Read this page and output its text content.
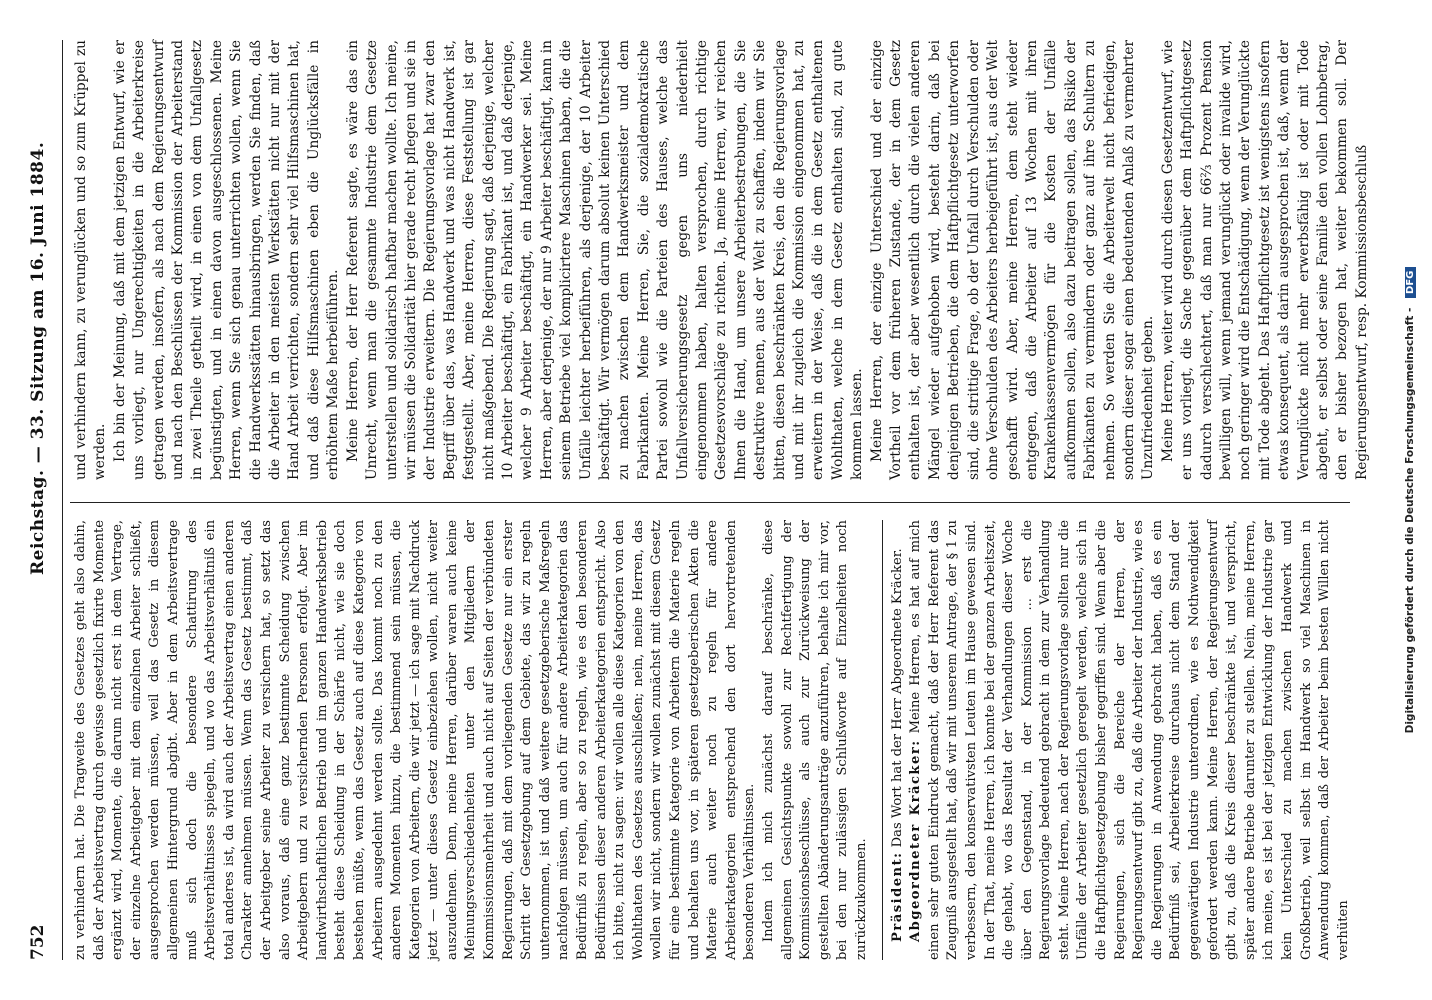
752
Reichstag. — 33. Sitzung am 16. Juni 1884.

zu verhindern hat. Die Tragweite des Gesetzes geht also dahin, daß der Arbeitsvertrag durch gewisse gesetzlich fixirte Momente ergänzt wird, Momente, die darum nicht erst in dem Vertrage, der einzelne Arbeitgeber mit dem einzelnen Arbeiter schließt, ausgesprochen werden müssen, weil das Gesetz in diesem allgemeinen Hintergrund abgibt. Aber in dem Arbeitsvertrage muß sich doch die besondere Schattirung des Arbeitsverhältnisses spiegeln, und wo das Arbeitsverhältniß ein total anderes ist, da wird auch der Arbeitsvertrag einen anderen Charakter annehmen müssen. Wenn das Gesetz bestimmt, daß der Arbeitgeber seine Arbeiter zu versichern hat, so setzt das also voraus, daß eine ganz bestimmte Scheidung zwischen Arbeitgebern und zu versichernden Personen erfolgt. Aber im landwirthschaftlichen Betrieb und im ganzen Handwerksbetrieb besteht diese Scheidung in der Schärfe nicht, wie sie doch bestehen müßte, wenn das Gesetz auch auf diese Kategorie von Arbeitern ausgedehnt werden sollte. Das kommt noch zu den anderen Momenten hinzu, die bestimmend sein müssen, die Kategorien von Arbeitern, die wir jetzt — ich sage mit Nachdruck jetzt — unter dieses Gesetz einbeziehen wollen, nicht weiter auszudehnen. Denn, meine Herren, darüber waren auch keine Meinungsverschiedenheiten unter den Mitgliedern der Kommissionsmehrheit und auch nicht auf Seiten der verbündeten Regierungen, daß mit dem vorliegenden Gesetze nur ein erster Schritt der Gesetzgebung auf dem Gebiete, das wir zu regeln unternommen, ist und daß weitere gesetzgeberische Maßregeln nachfolgen müssen, um auch für andere Arbeiterkategorien das Bedürfniß zu regeln, aber so zu regeln, wie es den besonderen Bedürfnissen dieser anderen Arbeiterkategorien entspricht. Also ich bitte, nicht zu sagen: wir wollen alle diese Kategorien von den Wohlthaten des Gesetzes ausschließen; nein, meine Herren, das wollen wir nicht, sondern wir wollen zunächst mit diesem Gesetz für eine bestimmte Kategorie von Arbeitern die Materie regeln und behalten uns vor, in späteren gesetzgeberischen Akten die Materie auch weiter noch zu regeln für andere Arbeiterkategorien entsprechend den dort hervortretenden besonderen Verhältnissen. Indem ich mich zunächst darauf beschränke, diese allgemeinen Gesichtspunkte sowohl zur Rechtfertigung der Kommissionsbeschlüsse, als auch zur Zurückweisung der gestellten Abänderungsanträge anzuführen, behalte ich mir vor, bei den nur zulässigen Schlußworte auf Einzelheiten noch zurückzukommen. Präsident: Das Wort hat der Herr Abgeordnete Kräcker. Abgeordneter Kräcker: Meine Herren, es hat auf mich einen sehr guten Eindruck gemacht, daß der Herr Referent das Zeugniß ausgestellt hat, daß wir mit unserem Antrage, der § 1 zu verbessern, den konservativsten Leuten im Hause gewesen sind. In der That, meine Herren, ich konnte bei der ganzen Arbeitszeit, die gehabt, wo das Resultat der Verhandlungen dieser Woche über den Gegenstand, in der Kommission ... erst die Regierungsvorlage bedeutend gebracht in dem zur Verhandlung steht. Meine Herren, nach der Regierungsvorlage sollten nur die Unfälle der Arbeiter gesetzlich geregelt werden, welche sich in die Haftpflichtgesetzgebung bisher gegriffen sind. Wenn aber die Regierungen, sich die Bereiche der Herren, der Regierungsentwurf gibt zu, daß die Arbeiter der Industrie, wie es die Regierungen in Anwendung gebracht haben, daß es ein Bedürfniß sei, Arbeiterkreise durchaus nicht dem Stand der gegenwärtigen Industrie unterordnen, wie es Nothwendigkeit gefordert werden kann. Meine Herren, der Regierungsentwurf gibt zu, daß die Kreis dieser beschränkte ist, und verspricht, später andere Betriebe darunter zu stellen. Nein, meine Herren, ich meine, es ist bei der jetzigen Entwicklung der Industrie gar kein Unterschied zu machen zwischen Handwerk und Großbetrieb, weil selbst im Handwerk so viel Maschinen in Anwendung kommen, daß der Arbeiter beim besten Willen nicht verhüten

und verhindern kann, zu verunglücken und so zum Krüppel zu werden. Ich bin der Meinung, daß mit dem jetzigen Entwurf, wie er uns vorliegt, nur Ungerechtigkeiten in die Arbeiterkreise getragen werden, insofern, als nach dem Regierungsentwurf und nach den Beschlüssen der Kommission der Arbeiterstand in zwei Theile getheilt wird, in einen von dem Unfallgesetz begünstigten, und in einen davon ausgeschlossenen. Meine Herren, wenn Sie sich genau unterrichten wollen, wenn Sie die Handwerksstätten hinausbringen, werden Sie finden, daß die Arbeiter in den meisten Werkstätten nicht nur mit der Hand Arbeit verrichten, sondern sehr viel Hilfsmaschinen hat, und daß diese Hilfsmaschinen eben die Unglücksfälle in erhöhtem Maße herbeiführen. Meine Herren, der Herr Referent sagte, es wäre das ein Unrecht, wenn man die gesammte Industrie dem Gesetze unterstellen und solidarisch haftbar machen wollte. Ich meine, wir müssen die Solidarität hier gerade recht pflegen und sie in der Industrie erweitern. Die Regierungsvorlage hat zwar den Begriff über das, was Handwerk und was nicht Handwerk ist, festgestellt. Aber, meine Herren, diese Feststellung ist gar nicht maßgebend. Die Regierung sagt, daß derjenige, welcher 10 Arbeiter beschäftigt, ein Fabrikant ist, und daß derjenige, welcher 9 Arbeiter beschäftigt, ein Handwerker sei. Meine Herren, aber derjenige, der nur 9 Arbeiter beschäftigt, kann in seinem Betriebe viel komplicirtere Maschinen haben, die die Unfälle leichter herbeiführen, als derjenige, der 10 Arbeiter beschäftigt. Wir vermögen darum absolut keinen Unterschied zu machen zwischen dem Handwerksmeister und dem Fabrikanten. Meine Herren, Sie, die sozialdemokratische Partei sowohl wie die Parteien des Hauses, welche das Unfallversicherungsgesetz gegen uns niederhielt eingenommen haben, halten versprochen, durch richtige Gesetzesvorschläge zu richten. Ja, meine Herren, wir reichen Ihnen die Hand, um unsere Arbeiterbestrebungen, die Sie destruktive nennen, aus der Welt zu schaffen, indem wir Sie bitten, diesen beschränkten Kreis, den die Regierungsvorlage und mit ihr zugleich die Kommission eingenommen hat, zu erweitern in der Weise, daß die in dem Gesetz enthaltenen Wohlthaten, welche in dem Gesetz enthalten sind, zu gute kommen lassen. Meine Herren, der einzige Unterschied und der einzige Vortheil vor dem früheren Zustande, der in dem Gesetz enthalten ist, der aber wesentlich durch die vielen anderen Mängel wieder aufgehoben wird, besteht darin, daß bei denjenigen Betrieben, die dem Haftpflichtgesetz unterworfen sind, die strittige Frage, ob der Unfall durch Verschulden oder ohne Verschulden des Arbeiters herbeigeführt ist, aus der Welt geschafft wird. Aber, meine Herren, dem steht wieder entgegen, daß die Arbeiter auf 13 Wochen mit ihren Krankenkassenvermögen für die Kosten der Unfälle aufkommen sollen, also dazu beitragen sollen, das Risiko der Fabrikanten zu vermindern oder ganz auf ihre Schultern zu nehmen. So werden Sie die Arbeiterwelt nicht befriedigen, sondern dieser sogar einen bedeutenden Anlaß zu vermehrter Unzufriedenheit geben. Meine Herren, weiter wird durch diesen Gesetzentwurf, wie er uns vorliegt, die Sache gegenüber dem Haftpflichtgesetz dadurch verschlechtert, daß man nur 66⅔ Prozent Pension bewilligen will, wenn jemand verunglückt oder invalide wird, noch geringer wird die Entschädigung, wenn der Verunglückte mit Tode abgeht. Das Haftpflichtgesetz ist wenigstens insofern etwas konsequent, als darin ausgesprochen ist, daß, wenn der Verunglückte nicht mehr erwerbsfähig ist oder mit Tode abgeht, er selbst oder seine Familie den vollen Lohnbetrag, den er bisher bezogen hat, weiter bekommen soll. Der Regierungsentwurf, resp. Kommissionsbeschluß	Digitalisierung gefördert durch die Deutsche Forschungsgemeinschaft - DFG
